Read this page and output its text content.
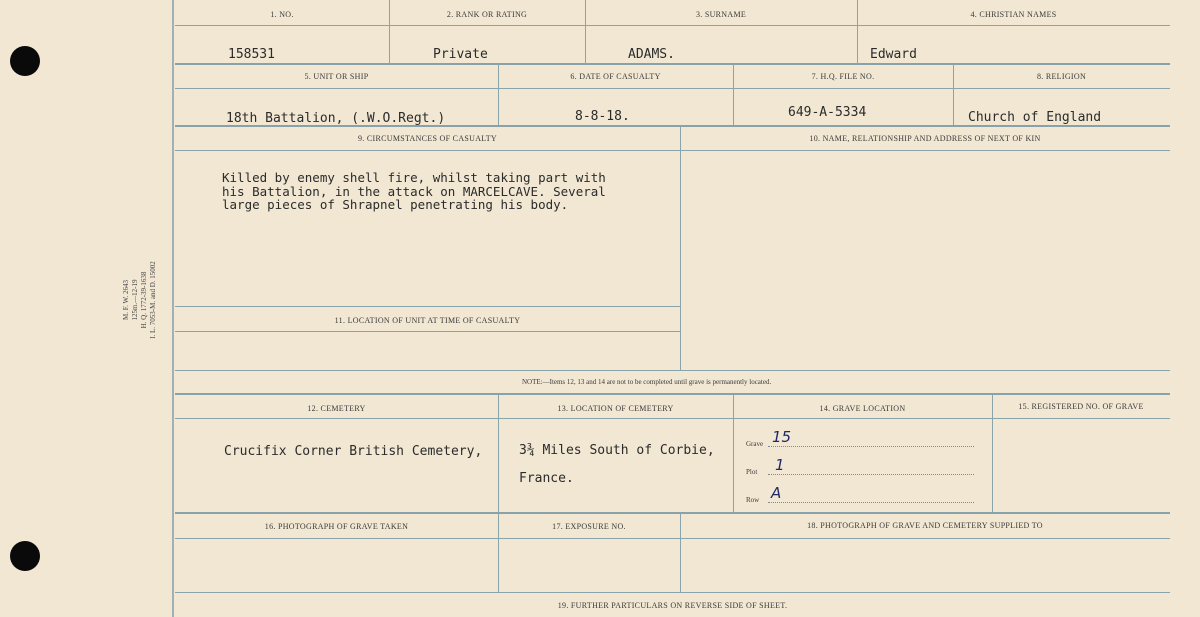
M. F. W. 2643
125m.—12-19
H. Q. 1772-39-1638
I. L. 7053-M. and D. 15002
1. NO.	2. RANK OR RATING	3. SURNAME	4. CHRISTIAN NAMES
158531	Private	ADAMS.	Edward
5. UNIT OR SHIP	6. DATE OF CASUALTY	7. H.Q. FILE NO.	8. RELIGION
18th Battalion, (.W.O.Regt.)	8-8-18.	649-A-5334	Church of England
9. CIRCUMSTANCES OF CASUALTY	10. NAME, RELATIONSHIP AND ADDRESS OF NEXT OF KIN
Killed by enemy shell fire, whilst taking part with
his Battalion, in the attack on MARCELCAVE. Several
large pieces of Shrapnel penetrating his body.
11. LOCATION OF UNIT AT TIME OF CASUALTY
NOTE:—Items 12, 13 and 14 are not to be completed until grave is permanently located.
12. CEMETERY	13. LOCATION OF CEMETERY	14. GRAVE LOCATION	15. REGISTERED NO. OF GRAVE
Crucifix Corner British Cemetery,	3¾ Miles South of Corbie,
France.
Grave 15
Plot 1
Row A
16. PHOTOGRAPH OF GRAVE TAKEN	17. EXPOSURE NO.	18. PHOTOGRAPH OF GRAVE AND CEMETERY SUPPLIED TO
19. FURTHER PARTICULARS ON REVERSE SIDE OF SHEET.
